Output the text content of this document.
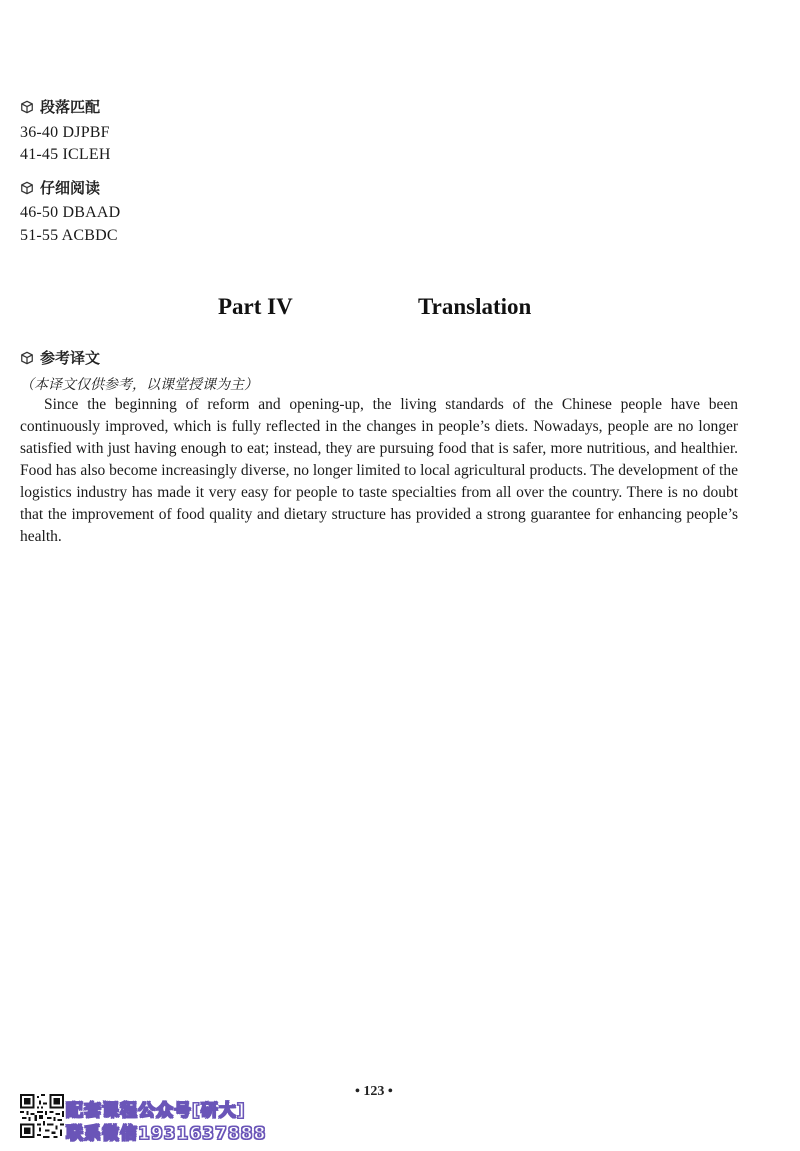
段落匹配
36-40 DJPBF
41-45 ICLEH
仔细阅读
46-50 DBAAD
51-55 ACBDC
Part IV	Translation
参考译文
（本译文仅供参考，以课堂授课为主）

Since the beginning of reform and opening-up, the living standards of the Chinese people have been continuously improved, which is fully reflected in the changes in people’s diets. Nowadays, people are no longer satisfied with just having enough to eat; instead, they are pursuing food that is safer, more nutritious, and healthier. Food has also become increasingly diverse, no longer limited to local agricultural products. The development of the logistics industry has made it very easy for people to taste specialties from all over the country. There is no doubt that the improvement of food quality and dietary structure has provided a strong guarantee for enhancing people’s health.

• 123 •
配套课程公众号[研大]
联系微信1931637888
